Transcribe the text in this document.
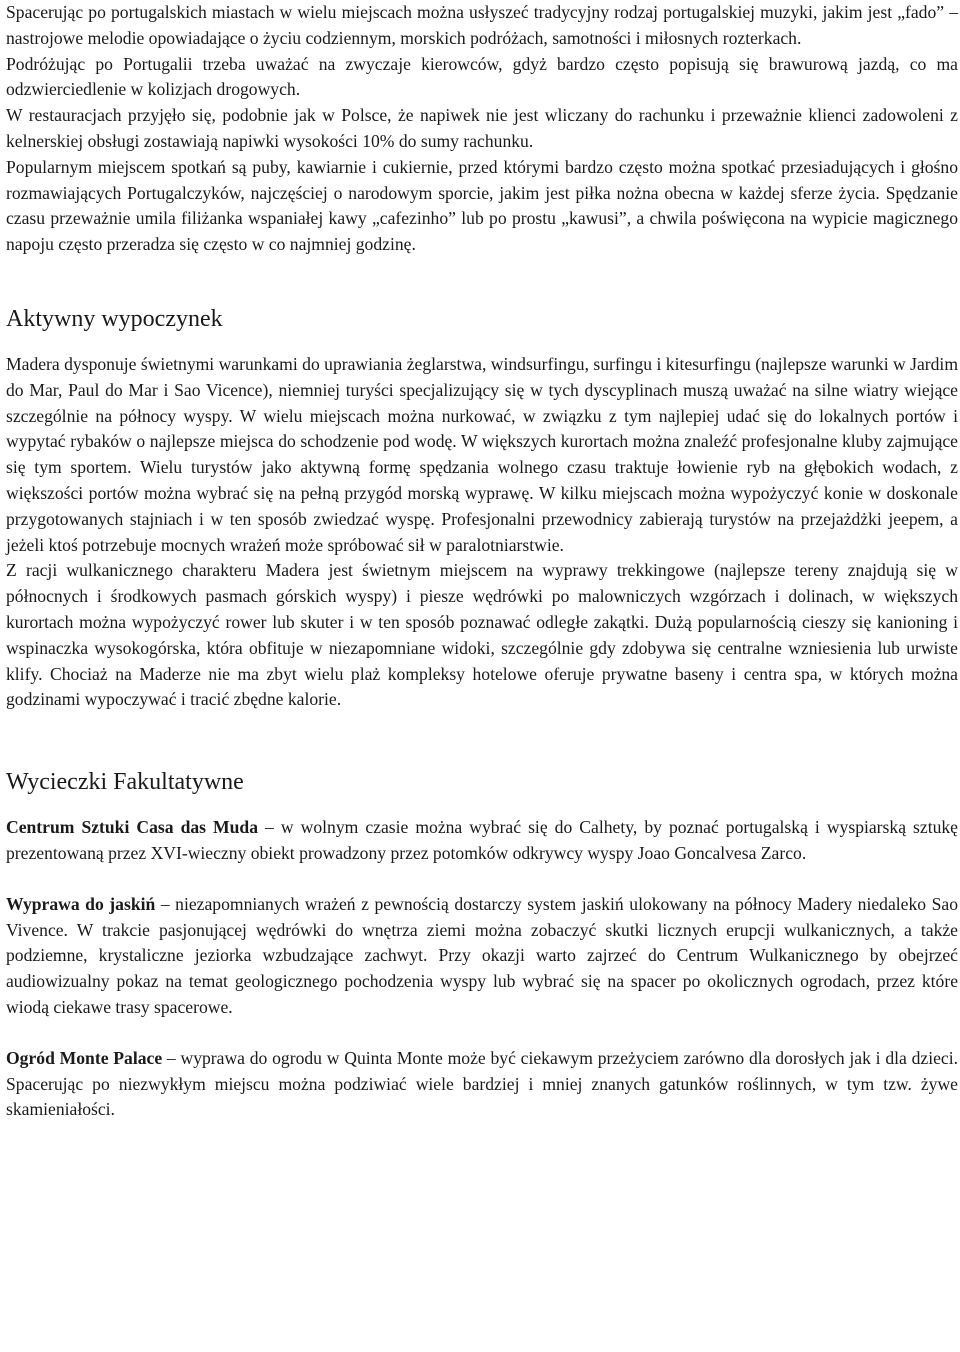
Spacerując po portugalskich miastach w wielu miejscach można usłyszeć tradycyjny rodzaj portugalskiej muzyki, jakim jest „fado” – nastrojowe melodie opowiadające o życiu codziennym, morskich podróżach, samotności i miłosnych rozterkach.

Podróżując po Portugalii trzeba uważać na zwyczaje kierowców, gdyż bardzo często popisują się brawurową jazdą, co ma odzwierciedlenie w kolizjach drogowych.

W restauracjach przyjęło się, podobnie jak w Polsce, że napiwek nie jest wliczany do rachunku i przeważnie klienci zadowoleni z kelnerskiej obsługi zostawiają napiwki wysokości 10% do sumy rachunku.

Popularnym miejscem spotkań są puby, kawiarnie i cukiernie, przed którymi bardzo często można spotkać przesiadujących i głośno rozmawiających Portugalczyków, najczęściej o narodowym sporcie, jakim jest piłka nożna obecna w każdej sferze życia. Spędzanie czasu przeważnie umila filiżanka wspaniałej kawy „cafezinho” lub po prostu „kawusi”, a chwila poświęcona na wypicie magicznego napoju często przeradza się często w co najmniej godzinę.

Aktywny wypoczynek

Madera dysponuje świetnymi warunkami do uprawiania żeglarstwa, windsurfingu, surfingu i kitesurfingu (najlepsze warunki w Jardim do Mar, Paul do Mar i Sao Vicence), niemniej turyści specjalizujący się w tych dyscyplinach muszą uważać na silne wiatry wiejące szczególnie na północy wyspy. W wielu miejscach można nurkować, w związku z tym najlepiej udać się do lokalnych portów i wypytać rybaków o najlepsze miejsca do schodzenie pod wodę. W większych kurortach można znaleźć profesjonalne kluby zajmujące się tym sportem. Wielu turystów jako aktywną formę spędzania wolnego czasu traktuje łowienie ryb na głębokich wodach, z większości portów można wybrać się na pełną przygód morską wyprawę. W kilku miejscach można wypożyczyć konie w doskonale przygotowanych stajniach i w ten sposób zwiedzać wyspę. Profesjonalni przewodnicy zabierają turystów na przejażdżki jeepem, a jeżeli ktoś potrzebuje mocnych wrażeń może spróbować sił w paralotniarstwie.

Z racji wulkanicznego charakteru Madera jest świetnym miejscem na wyprawy trekkingowe (najlepsze tereny znajdują się w północnych i środkowych pasmach górskich wyspy) i piesze wędrówki po malowniczych wzgórzach i dolinach, w większych kurortach można wypożyczyć rower lub skuter i w ten sposób poznawać odległe zakątki. Dużą popularnością cieszy się kanioning i wspinaczka wysokogórska, która obfituje w niezapomniane widoki, szczególnie gdy zdobywa się centralne wzniesienia lub urwiste klify. Chociaż na Maderze nie ma zbyt wielu plaż kompleksy hotelowe oferuje prywatne baseny i centra spa, w których można godzinami wypoczywać i tracić zbędne kalorie.

Wycieczki Fakultatywne

Centrum Sztuki Casa das Muda – w wolnym czasie można wybrać się do Calhety, by poznać portugalską i wyspiarską sztukę prezentowaną przez XVI-wieczny obiekt prowadzony przez potomków odkrywcy wyspy Joao Goncalvesa Zarco.

Wyprawa do jaskiń – niezapomnianych wrażeń z pewnością dostarczy system jaskiń ulokowany na północy Madery niedaleko Sao Vivence. W trakcie pasjonującej wędrówki do wnętrza ziemi można zobaczyć skutki licznych erupcji wulkanicznych, a także podziemne, krystaliczne jeziorka wzbudzające zachwyt. Przy okazji warto zajrzeć do Centrum Wulkanicznego by obejrzeć audiowizualny pokaz na temat geologicznego pochodzenia wyspy lub wybrać się na spacer po okolicznych ogrodach, przez które wiodą ciekawe trasy spacerowe.

Ogród Monte Palace – wyprawa do ogrodu w Quinta Monte może być ciekawym przeżyciem zarówno dla dorosłych jak i dla dzieci. Spacerując po niezwykłym miejscu można podziwiać wiele bardziej i mniej znanych gatunków roślinnych, w tym tzw. żywe skamieniałości.
